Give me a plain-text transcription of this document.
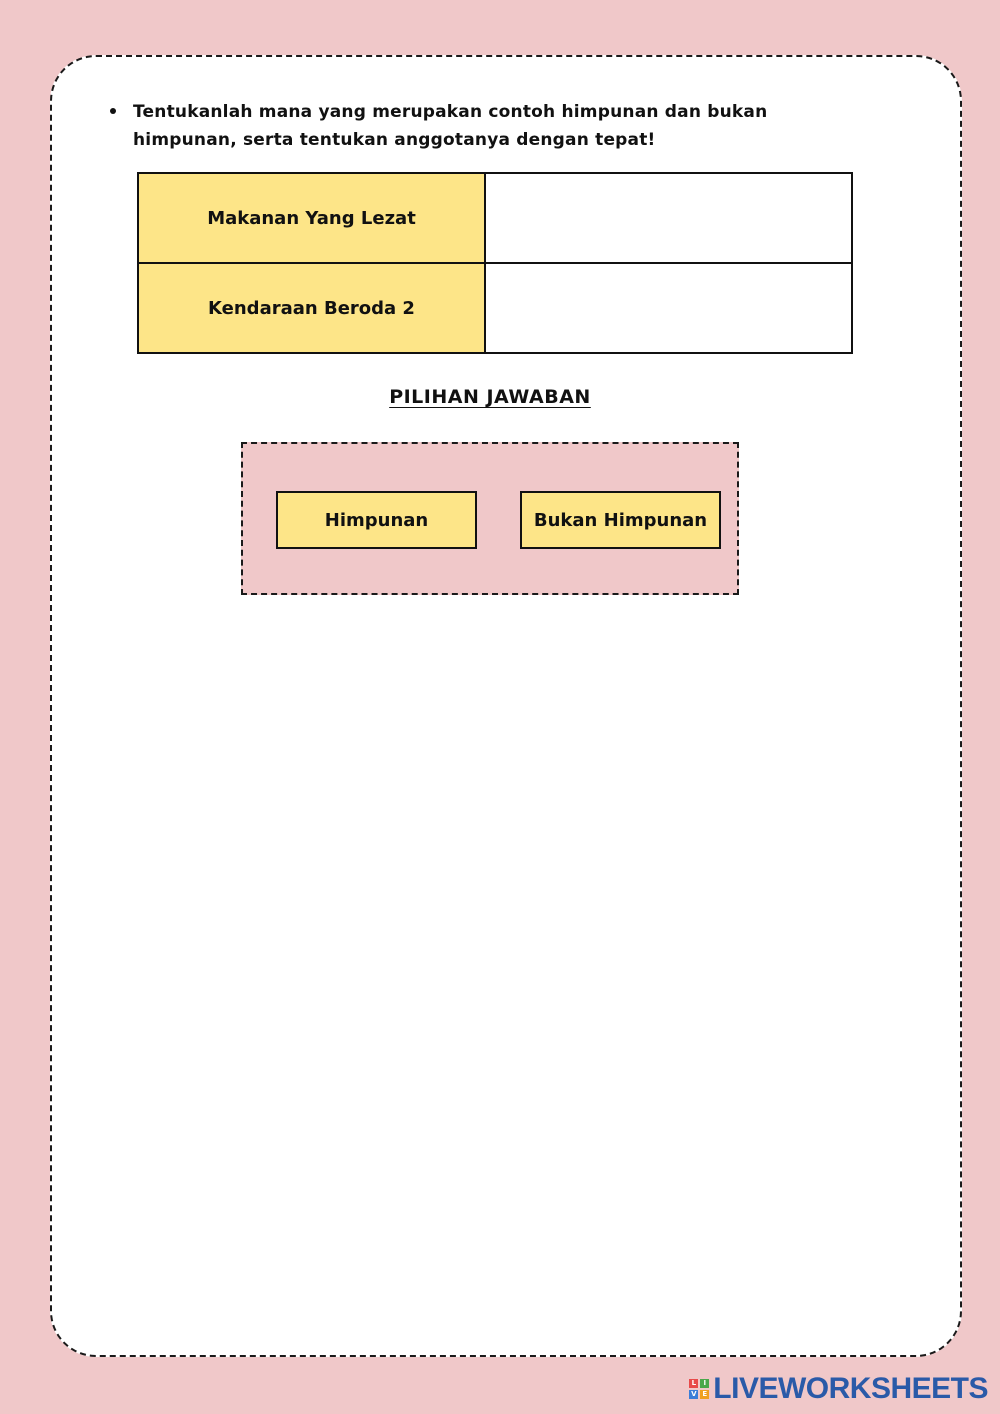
Tentukanlah mana yang merupakan contoh himpunan dan bukan himpunan, serta tentukan anggotanya dengan tepat!
Makanan Yang Lezat	
Kendaraan Beroda 2	
PILIHAN JAWABAN
Himpunan	Bukan Himpunan
L	I
V E LIVEWORKSHEETS
